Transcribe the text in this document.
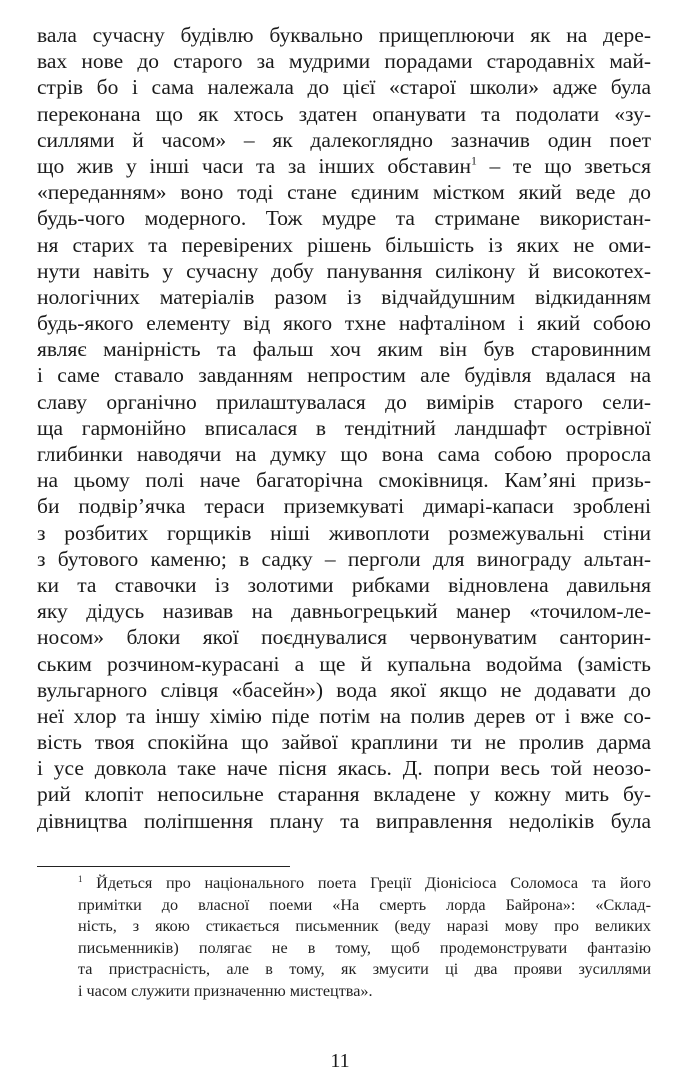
вала сучасну будівлю буквально прищеплюючи як на дере-
вах нове до старого за мудрими порадами стародавніх май-
стрів бо і сама належала до цієї «старої школи» адже була
переконана що як хтось здатен опанувати та подолати «зу-
силлями й часом» – як далекоглядно зазначив один поет
що жив у інші часи та за інших обставин$^1$ – те що зветься
«переданням» воно тоді стане єдиним містком який веде до
будь-чого модерного. Тож мудре та стримане використан-
ня старих та перевірених рішень більшість із яких не оми-
нути навіть у сучасну добу панування силікону й високотех-
нологічних матеріалів разом із відчайдушним відкиданням
будь-якого елементу від якого тхне нафталіном і який собою
являє манірність та фальш хоч яким він був старовинним
і саме ставало завданням непростим але будівля вдалася на
славу органічно прилаштувалася до вимірів старого сели-
ща гармонійно вписалася в тендітний ландшафт острівної
глибинки наводячи на думку що вона сама собою проросла
на цьому полі наче багаторічна смоківниця. Кам’яні призь-
би подвір’ячка тераси приземкуваті димарі-капаси зроблені
з розбитих горщиків ніші живоплоти розмежувальні стіни
з бутового каменю; в садку – перголи для винограду альтан-
ки та ставочки із золотими рибками відновлена давильня
яку дідусь називав на давньогрецький манер «точилом-ле-
носом» блоки якої поєднувалися червонуватим санторин-
ським розчином-курасані а ще й купальна водойма (замість
вульгарного слівця «басейн») вода якої якщо не додавати до
неї хлор та іншу хімію піде потім на полив дерев от і вже со-
вість твоя спокійна що зайвої краплини ти не пролив дарма
і усе довкола таке наче пісня якась. Д. попри весь той неозо-
рий клопіт непосильне старання вкладене у кожну мить бу-
дівництва поліпшення плану та виправлення недоліків була
$^1$ Йдеться про національного поета Греції Діонісіоса Соломоса та його
примітки до власної поеми «На смерть лорда Байрона»: «Склад-
ність, з якою стикається письменник (веду наразі мову про великих
письменників) полягає не в тому, щоб продемонструвати фантазію
та пристрасність, але в тому, як змусити ці два прояви зусиллями
і часом служити призначенню мистецтва».
11
